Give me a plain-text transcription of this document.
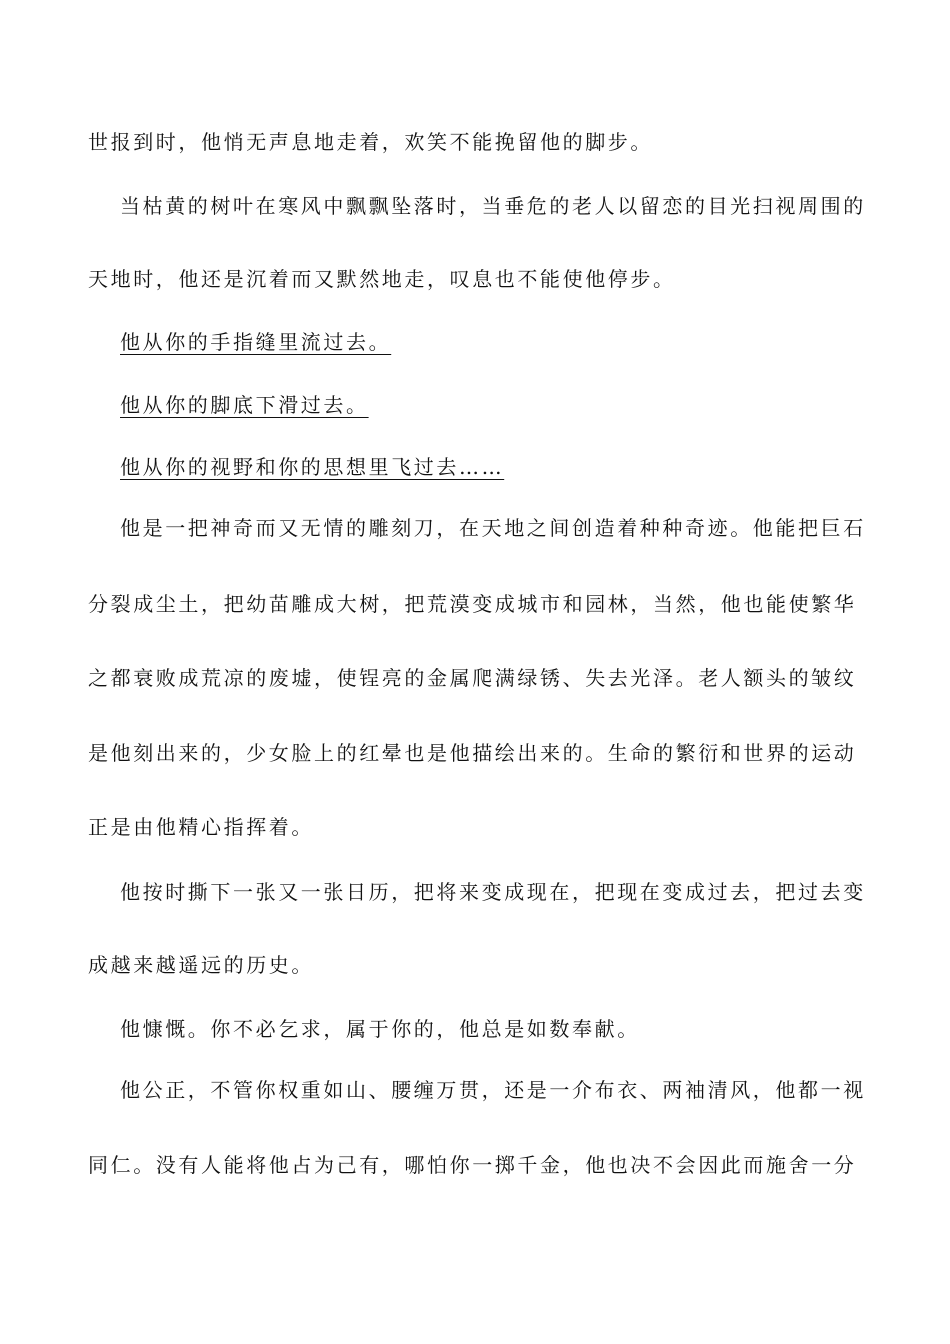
世报到时，他悄无声息地走着，欢笑不能挽留他的脚步。
当枯黄的树叶在寒风中飘飘坠落时，当垂危的老人以留恋的目光扫视周围的
天地时，他还是沉着而又默然地走，叹息也不能使他停步。
他从你的手指缝里流过去。
他从你的脚底下滑过去。
他从你的视野和你的思想里飞过去……
他是一把神奇而又无情的雕刻刀，在天地之间创造着种种奇迹。他能把巨石
分裂成尘土，把幼苗雕成大树，把荒漠变成城市和园林，当然，他也能使繁华
之都衰败成荒凉的废墟，使锃亮的金属爬满绿锈、失去光泽。老人额头的皱纹
是他刻出来的，少女脸上的红晕也是他描绘出来的。生命的繁衍和世界的运动
正是由他精心指挥着。
他按时撕下一张又一张日历，把将来变成现在，把现在变成过去，把过去变
成越来越遥远的历史。
他慷慨。你不必乞求，属于你的，他总是如数奉献。
他公正，不管你权重如山、腰缠万贯，还是一介布衣、两袖清风，他都一视
同仁。没有人能将他占为己有，哪怕你一掷千金，他也决不会因此而施舍一分
